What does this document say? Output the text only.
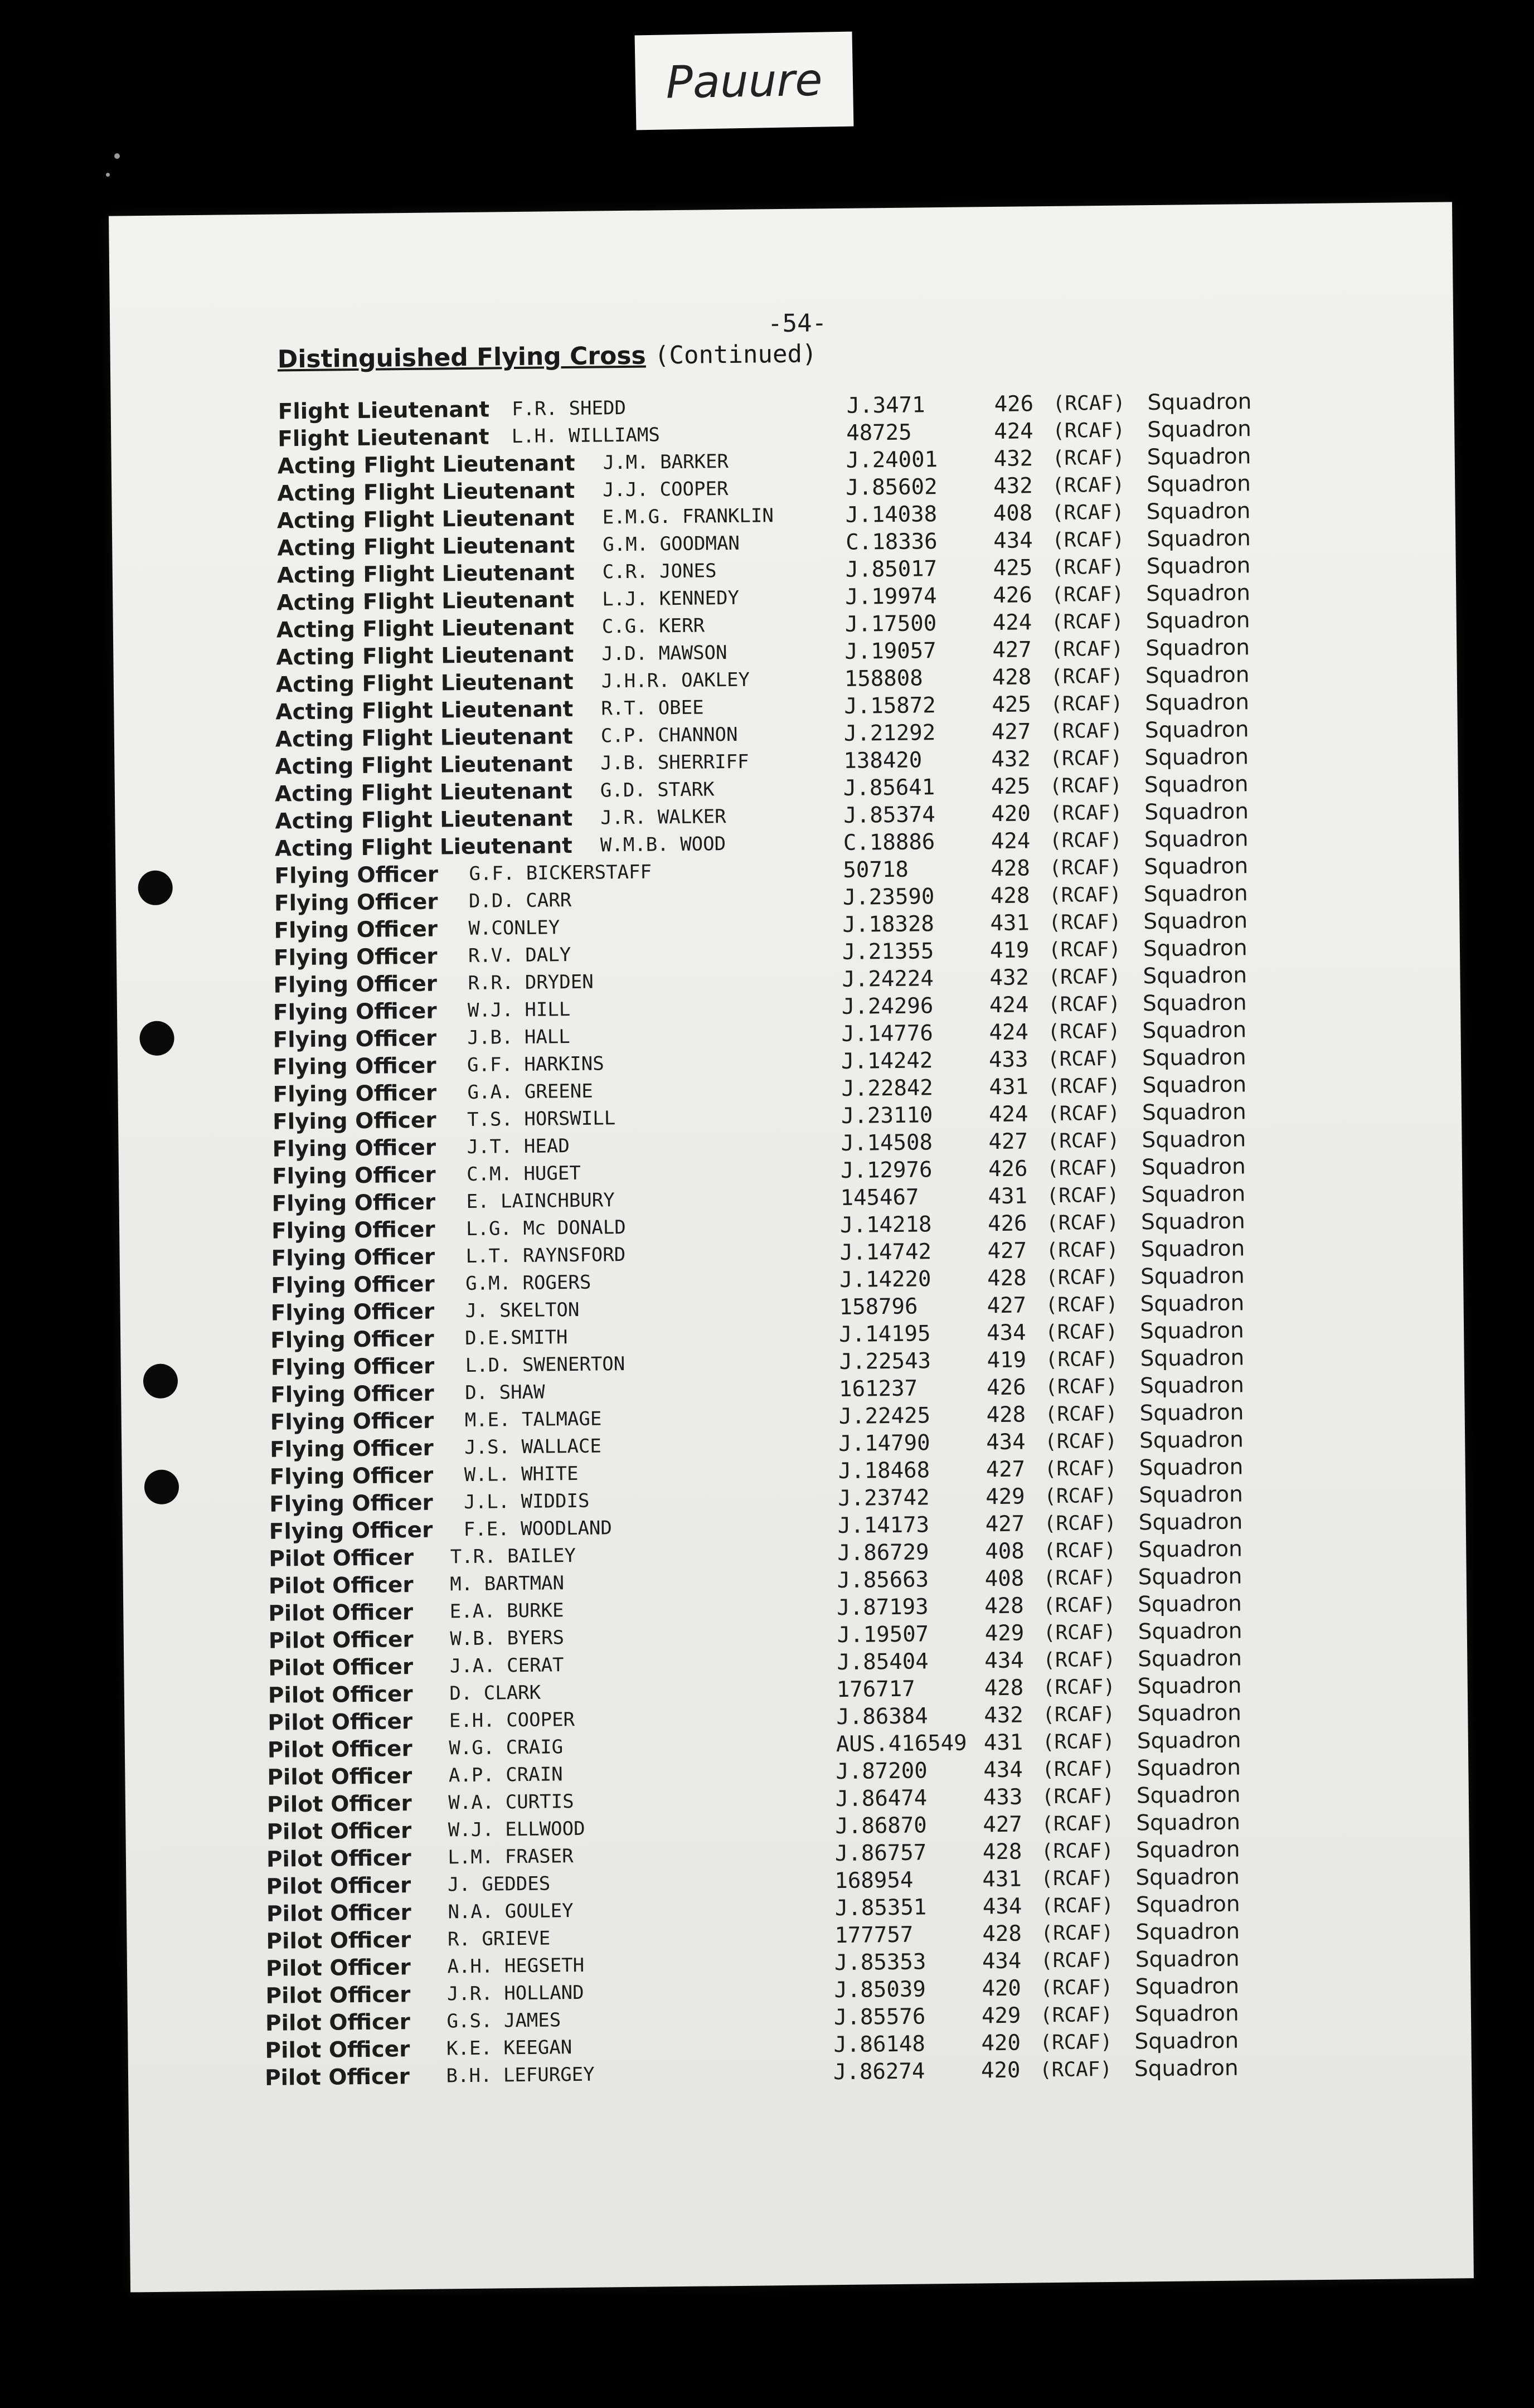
Pauure
-54-
Distinguished Flying Cross (Continued)
Flight Lieutenant F.R. SHEDD	J.3471	426 (RCAF) Squadron
Flight Lieutenant L.H. WILLIAMS	48725	424 (RCAF) Squadron
Acting Flight Lieutenant J.M. BARKER	J.24001	432 (RCAF) Squadron
Acting Flight Lieutenant J.J. COOPER	J.85602	432 (RCAF) Squadron
Acting Flight Lieutenant E.M.G. FRANKLIN	J.14038	408 (RCAF) Squadron
Acting Flight Lieutenant G.M. GOODMAN	C.18336	434 (RCAF) Squadron
Acting Flight Lieutenant C.R. JONES	J.85017	425 (RCAF) Squadron
Acting Flight Lieutenant L.J. KENNEDY	J.19974	426 (RCAF) Squadron
Acting Flight Lieutenant C.G. KERR	J.17500	424 (RCAF) Squadron
Acting Flight Lieutenant J.D. MAWSON	J.19057	427 (RCAF) Squadron
Acting Flight Lieutenant J.H.R. OAKLEY	158808	428 (RCAF) Squadron
Acting Flight Lieutenant R.T. OBEE	J.15872	425 (RCAF) Squadron
Acting Flight Lieutenant C.P. CHANNON	J.21292	427 (RCAF) Squadron
Acting Flight Lieutenant J.B. SHERRIFF	138420	432 (RCAF) Squadron
Acting Flight Lieutenant G.D. STARK	J.85641	425 (RCAF) Squadron
Acting Flight Lieutenant J.R. WALKER	J.85374	420 (RCAF) Squadron
Acting Flight Lieutenant W.M.B. WOOD	C.18886	424 (RCAF) Squadron
Flying Officer G.F. BICKERSTAFF	50718	428 (RCAF) Squadron
Flying Officer D.D. CARR	J.23590	428 (RCAF) Squadron
Flying Officer W.CONLEY	J.18328	431 (RCAF) Squadron
Flying Officer R.V. DALY	J.21355	419 (RCAF) Squadron
Flying Officer R.R. DRYDEN	J.24224	432 (RCAF) Squadron
Flying Officer W.J. HILL	J.24296	424 (RCAF) Squadron
Flying Officer J.B. HALL	J.14776	424 (RCAF) Squadron
Flying Officer G.F. HARKINS	J.14242	433 (RCAF) Squadron
Flying Officer G.A. GREENE	J.22842	431 (RCAF) Squadron
Flying Officer T.S. HORSWILL	J.23110	424 (RCAF) Squadron
Flying Officer J.T. HEAD	J.14508	427 (RCAF) Squadron
Flying Officer C.M. HUGET	J.12976	426 (RCAF) Squadron
Flying Officer E. LAINCHBURY	145467	431 (RCAF) Squadron
Flying Officer L.G. Mc DONALD	J.14218	426 (RCAF) Squadron
Flying Officer L.T. RAYNSFORD	J.14742	427 (RCAF) Squadron
Flying Officer G.M. ROGERS	J.14220	428 (RCAF) Squadron
Flying Officer J. SKELTON	158796	427 (RCAF) Squadron
Flying Officer D.E.SMITH	J.14195	434 (RCAF) Squadron
Flying Officer L.D. SWENERTON	J.22543	419 (RCAF) Squadron
Flying Officer D. SHAW	161237	426 (RCAF) Squadron
Flying Officer M.E. TALMAGE	J.22425	428 (RCAF) Squadron
Flying Officer J.S. WALLACE	J.14790	434 (RCAF) Squadron
Flying Officer W.L. WHITE	J.18468	427 (RCAF) Squadron
Flying Officer J.L. WIDDIS	J.23742	429 (RCAF) Squadron
Flying Officer F.E. WOODLAND	J.14173	427 (RCAF) Squadron
Pilot Officer T.R. BAILEY	J.86729	408 (RCAF) Squadron
Pilot Officer M. BARTMAN	J.85663	408 (RCAF) Squadron
Pilot Officer E.A. BURKE	J.87193	428 (RCAF) Squadron
Pilot Officer W.B. BYERS	J.19507	429 (RCAF) Squadron
Pilot Officer J.A. CERAT	J.85404	434 (RCAF) Squadron
Pilot Officer D. CLARK	176717	428 (RCAF) Squadron
Pilot Officer E.H. COOPER	J.86384	432 (RCAF) Squadron
Pilot Officer W.G. CRAIG	AUS.416549 431 (RCAF) Squadron
Pilot Officer A.P. CRAIN	J.87200	434 (RCAF) Squadron
Pilot Officer W.A. CURTIS	J.86474	433 (RCAF) Squadron
Pilot Officer W.J. ELLWOOD	J.86870	427 (RCAF) Squadron
Pilot Officer L.M. FRASER	J.86757	428 (RCAF) Squadron
Pilot Officer J. GEDDES	168954	431 (RCAF) Squadron
Pilot Officer N.A. GOULEY	J.85351	434 (RCAF) Squadron
Pilot Officer R. GRIEVE	177757	428 (RCAF) Squadron
Pilot Officer A.H. HEGSETH	J.85353	434 (RCAF) Squadron
Pilot Officer J.R. HOLLAND	J.85039	420 (RCAF) Squadron
Pilot Officer G.S. JAMES	J.85576	429 (RCAF) Squadron
Pilot Officer K.E. KEEGAN	J.86148	420 (RCAF) Squadron
Pilot Officer B.H. LEFURGEY	J.86274	420 (RCAF) Squadron
